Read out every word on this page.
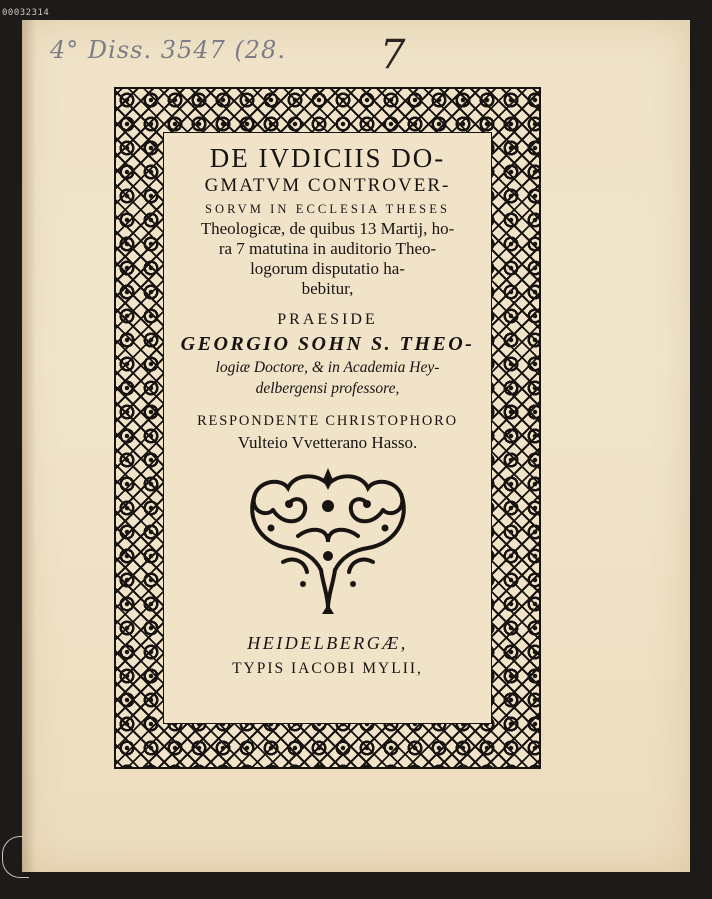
00032314
4° Diss. 3547 (28. 7
DE IVDICIIS DO-
GMATVM CONTROVER-
SORVM IN ECCLESIA THESES
Theologicæ, de quibus 13 Martij, ho-
ra 7 matutina in auditorio Theo-
logorum disputatio ha-
bebitur,
PRAESIDE
GEORGIO SOHN S. THEO-
logiæ Doctore, & in Academia Hey-
delbergensi professore,
RESPONDENTE CHRISTOPHORO
Vulteio Vvetterano Hasso.
HEIDELBERGÆ,
TYPIS IACOBI MYLII,
